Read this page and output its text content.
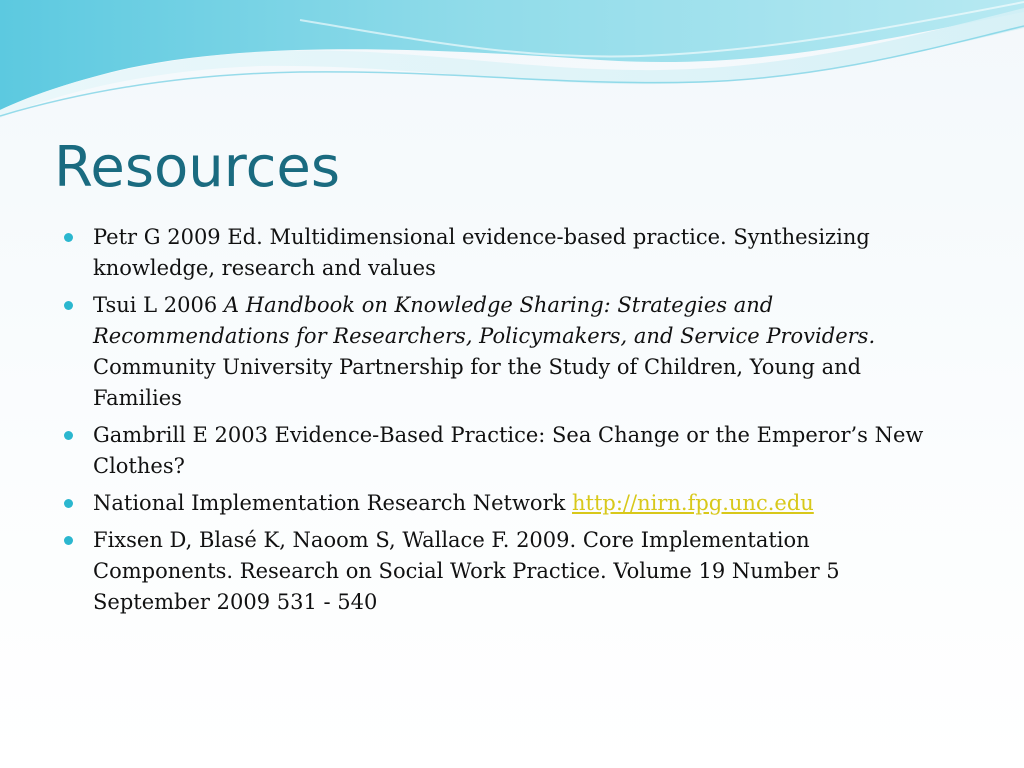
Resources
Petr G 2009 Ed. Multidimensional evidence-based practice. Synthesizing knowledge, research and values
Tsui L 2006 A Handbook on Knowledge Sharing: Strategies and Recommendations for Researchers, Policymakers, and Service Providers. Community University Partnership for the Study of Children, Young and Families
Gambrill E 2003 Evidence-Based Practice: Sea Change or the Emperor’s New Clothes?
National Implementation Research Network http://nirn.fpg.unc.edu
Fixsen D, Blasé K, Naoom S, Wallace F. 2009. Core Implementation Components. Research on Social Work Practice. Volume 19 Number 5 September 2009 531 - 540
